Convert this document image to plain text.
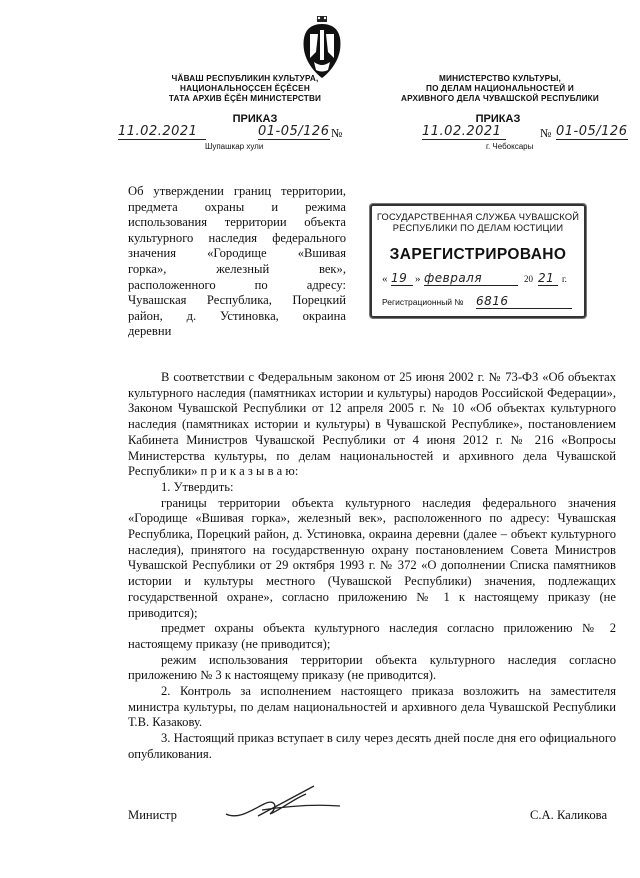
ЧĂВАШ РЕСПУБЛИКИН КУЛЬТУРА,
НАЦИОНАЛЬНОÇСЕН ĔÇĔСЕН
ТАТА АРХИВ ĔÇĔН МИНИСТЕРСТВИ
МИНИСТЕРСТВО КУЛЬТУРЫ,
ПО ДЕЛАМ НАЦИОНАЛЬНОСТЕЙ И
АРХИВНОГО ДЕЛА ЧУВАШСКОЙ РЕСПУБЛИКИ
ПРИКАЗ
11.02.2021	01-05/126 №
Шупашкар хули
ПРИКАЗ
11.02.2021	№ 01-05/126
г. Чебоксары
Об утверждении границ территории,
предмета охраны и режима
использования территории объекта
культурного наследия федерального
значения «Городище «Вшивая
горка», железный век»,
расположенного по адресу:
Чувашская Республика, Порецкий
район, д. Устиновка, окраина
деревни
ГОСУДАРСТВЕННАЯ СЛУЖБА ЧУВАШСКОЙ
РЕСПУБЛИКИ ПО ДЕЛАМ ЮСТИЦИИ
ЗАРЕГИСТРИРОВАНО
« 19 » февраля	20 21 г.
Регистрационный № 6816

В соответствии с Федеральным законом от 25 июня 2002 г. № 73-ФЗ «Об объектах культурного наследия (памятниках истории и культуры) народов Российской Федерации», Законом Чувашской Республики от 12 апреля 2005 г. № 10 «Об объектах культурного наследия (памятниках истории и культуры) в Чувашской Республике», постановлением Кабинета Министров Чувашской Республики от 4 июня 2012 г. № 216 «Вопросы Министерства культуры, по делам национальностей и архивного дела Чувашской Республики» п р и к а з ы в а ю:

1. Утвердить:

границы территории объекта культурного наследия федерального значения «Городище «Вшивая горка», железный век», расположенного по адресу: Чувашская Республика, Порецкий район, д. Устиновка, окраина деревни (далее – объект культурного наследия), принятого на государственную охрану постановлением Совета Министров Чувашской Республики от 29 октября 1993 г. № 372 «О дополнении Списка памятников истории и культуры местного (Чувашской Республики) значения, подлежащих государственной охране», согласно приложению № 1 к настоящему приказу (не приводится);

предмет охраны объекта культурного наследия согласно приложению № 2 настоящему приказу (не приводится);

режим использования территории объекта культурного наследия согласно приложению № 3 к настоящему приказу (не приводится).

2. Контроль за исполнением настоящего приказа возложить на заместителя министра культуры, по делам национальностей и архивного дела Чувашской Республики Т.В. Казакову.

3. Настоящий приказ вступает в силу через десять дней после дня его официального опубликования.

Министр	С.А. Каликова
